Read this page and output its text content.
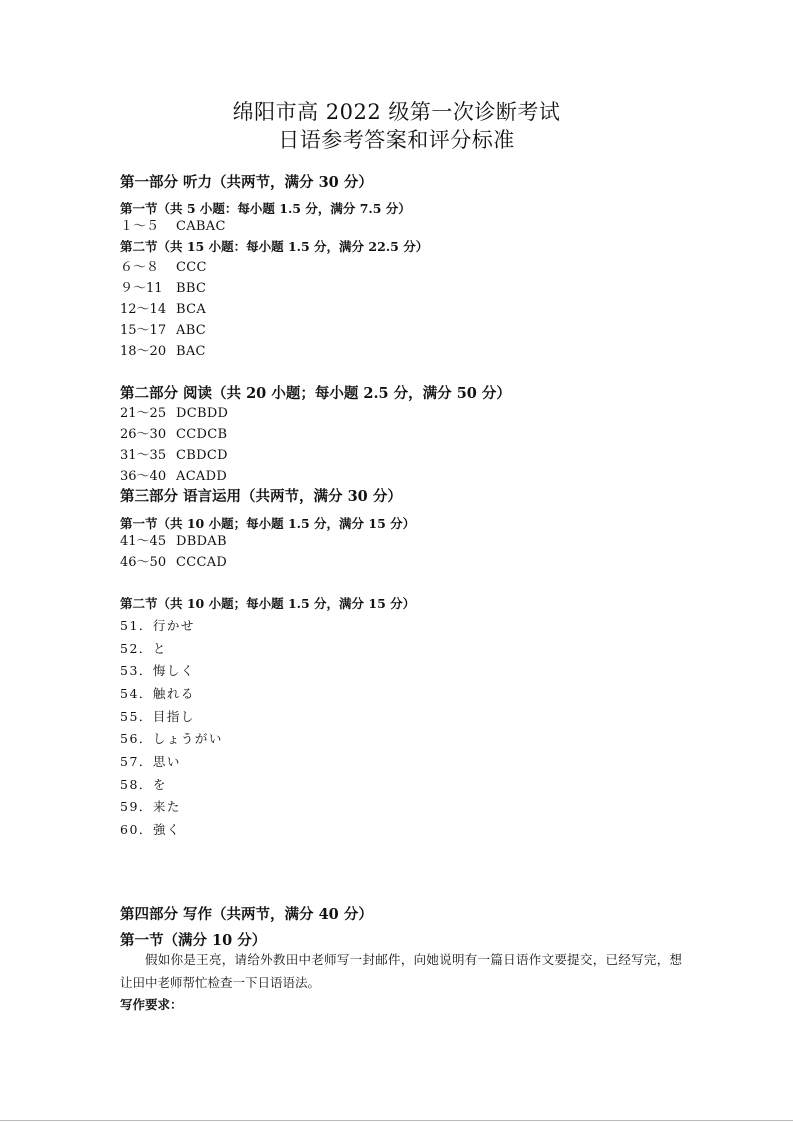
绵阳市高 2022 级第一次诊断考试
日语参考答案和评分标准
第一部分 听力（共两节，满分 30 分）
第一节（共 5 小题：每小题 1.5 分，满分 7.5 分）
１～５ CABAC
第二节（共 15 小题：每小题 1.5 分，满分 22.5 分）
６～８ CCC
９～11 BBC
12～14 BCA
15～17 ABC
18～20 BAC
第二部分 阅读（共 20 小题；每小题 2.5 分，满分 50 分）
21～25 DCBDD
26～30 CCDCB
31～35 CBDCD
36～40 ACADD
第三部分 语言运用（共两节，满分 30 分）
第一节（共 10 小题；每小题 1.5 分，满分 15 分）
41～45 DBDAB
46～50 CCCAD
第二节（共 10 小题；每小题 1.5 分，满分 15 分）
51．行かせ
52．と
53．悔しく
54．触れる
55．目指し
56．しょうがい
57．思い
58．を
59．来た
60．強く
第四部分 写作（共两节，满分 40 分）
第一节（满分 10 分）
假如你是王亮，请给外教田中老师写一封邮件，向她说明有一篇日语作文要提交，已经写完，想让田中老师帮忙检查一下日语语法。
写作要求：
